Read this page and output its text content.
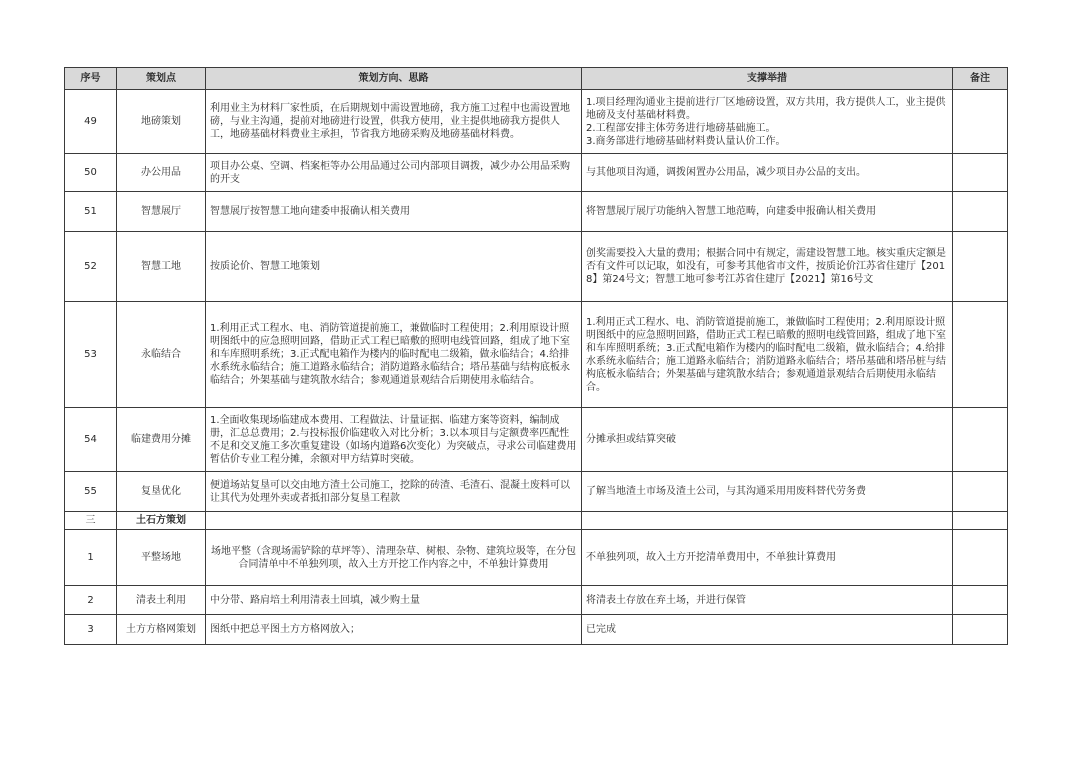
序号	策划点	策划方向、思路	支撑举措	备注
49	地磅策划	利用业主为材料厂家性质，在后期规划中需设置地磅，我方施工过程中也需设置地磅，与业主沟通，提前对地磅进行设置，供我方使用，业主提供地磅我方提供人工，地磅基础材料费业主承担，节省我方地磅采购及地磅基础材料费。	1.项目经理沟通业主提前进行厂区地磅设置，双方共用，我方提供人工，业主提供地磅及支付基础材料费。
2.工程部安排主体劳务进行地磅基础施工。
3.商务部进行地磅基础材料费认量认价工作。	
50	办公用品	项目办公桌、空调、档案柜等办公用品通过公司内部项目调拨，减少办公用品采购的开支	与其他项目沟通，调拨闲置办公用品，减少项目办公品的支出。	
51	智慧展厅	智慧展厅按智慧工地向建委申报确认相关费用	将智慧展厅展厅功能纳入智慧工地范畴，向建委申报确认相关费用	
52	智慧工地	按质论价、智慧工地策划	创奖需要投入大量的费用；根据合同中有规定，需建设智慧工地。核实重庆定额是否有文件可以记取，如没有，可参考其他省市文件，按质论价江苏省住建厅【2018】第24号文；智慧工地可参考江苏省住建厅【2021】第16号文	
53	永临结合	1.利用正式工程水、电、消防管道提前施工，兼做临时工程使用；2.利用原设计照明图纸中的应急照明回路，借助正式工程已暗敷的照明电线管回路，组成了地下室和车库照明系统；3.正式配电箱作为楼内的临时配电二级箱，做永临结合；4.给排水系统永临结合；施工道路永临结合；消防道路永临结合；塔吊基础与结构底板永临结合；外架基础与建筑散水结合；参观通道景观结合后期使用永临结合。	1.利用正式工程水、电、消防管道提前施工，兼做临时工程使用；2.利用原设计照明图纸中的应急照明回路，借助正式工程已暗敷的照明电线管回路，组成了地下室和车库照明系统；3.正式配电箱作为楼内的临时配电二级箱，做永临结合；4.给排水系统永临结合；施工道路永临结合；消防道路永临结合；塔吊基础和塔吊桩与结构底板永临结合；外架基础与建筑散水结合；参观通道景观结合后期使用永临结合。	
54	临建费用分摊	1.全面收集现场临建成本费用、工程做法、计量证据、临建方案等资料，编制成册，汇总总费用；2.与投标报价临建收入对比分析；3.以本项目与定额费率匹配性不足和交叉施工多次重复建设（如场内道路6次变化）为突破点，寻求公司临建费用暂估价专业工程分摊，余额对甲方结算时突破。	分摊承担或结算突破	
55	复垦优化	便道场站复垦可以交由地方渣土公司施工，挖除的砖渣、毛渣石、混凝土废料可以让其代为处理外卖或者抵扣部分复垦工程款	了解当地渣土市场及渣土公司，与其沟通采用用废料替代劳务费	
三	土石方策划			
1	平整场地	场地平整（含现场需铲除的草坪等）、清理杂草、树根、杂物、建筑垃圾等，在分包合同清单中不单独列项，故入土方开挖工作内容之中，不单独计算费用	不单独列项，故入土方开挖清单费用中，不单独计算费用	
2	清表土利用	中分带、路肩培土利用清表土回填，减少购土量	将清表土存放在弃土场，并进行保管	
3	土方方格网策划	图纸中把总平图土方方格网放入；	已完成	
